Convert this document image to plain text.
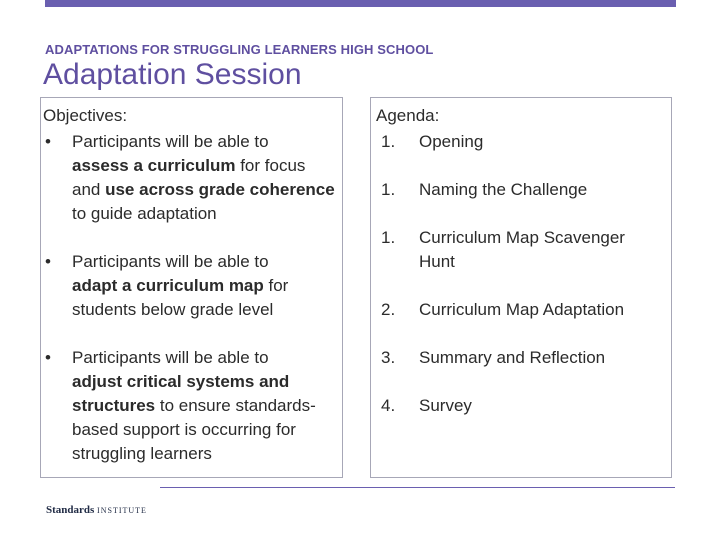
ADAPTATIONS FOR STRUGGLING LEARNERS HIGH SCHOOL
Adaptation Session
Objectives:
• Participants will be able to
assess a curriculum for focus
and use across grade coherence
to guide adaptation
• Participants will be able to
adapt a curriculum map for
students below grade level
• Participants will be able to
adjust critical systems and
structures to ensure standards-
based support is occurring for
struggling learners
Agenda:
1. Opening
1. Naming the Challenge
1. Curriculum Map Scavenger
Hunt
2. Curriculum Map Adaptation
3. Summary and Reflection
4. Survey
Standards INSTITUTE
